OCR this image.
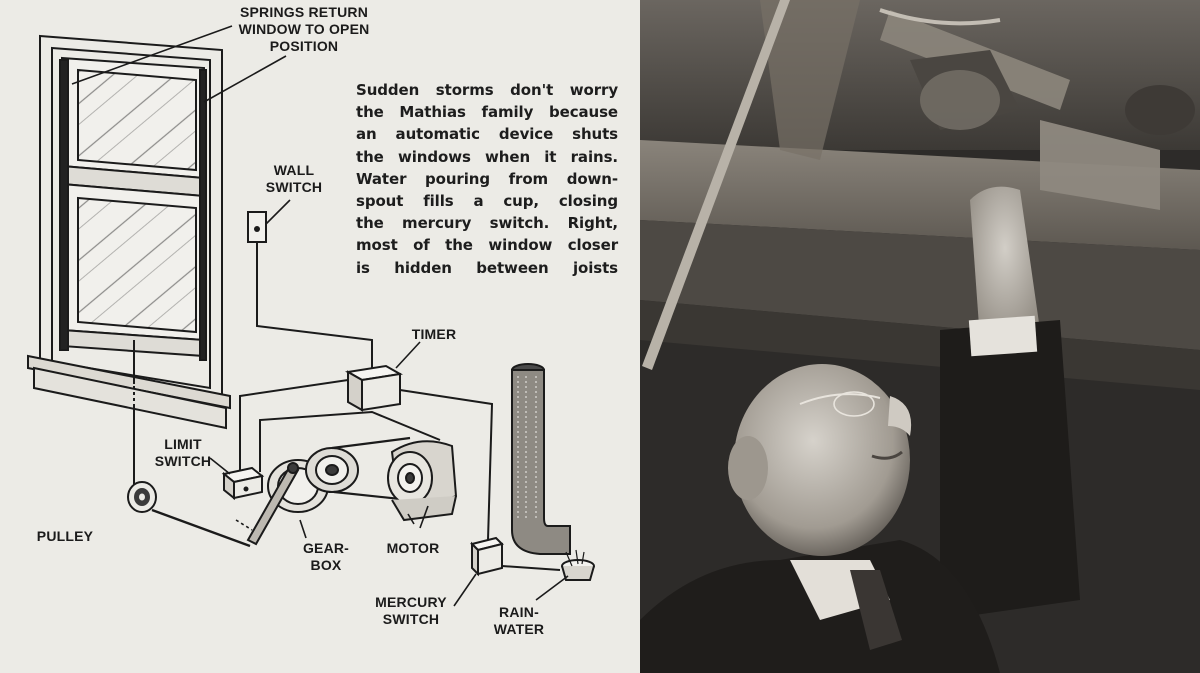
SPRINGS RETURN
WINDOW TO OPEN
POSITION
WALL
SWITCH
TIMER
LIMIT
SWITCH
PULLEY
GEAR-
BOX
MOTOR
MERCURY
SWITCH	RAIN-
WATER
Sudden storms don't worry
the Mathias family because
an automatic device shuts
the windows when it rains.
Water pouring from down-
spout fills a cup, closing
the mercury switch. Right,
most of the window closer
is hidden between joists
